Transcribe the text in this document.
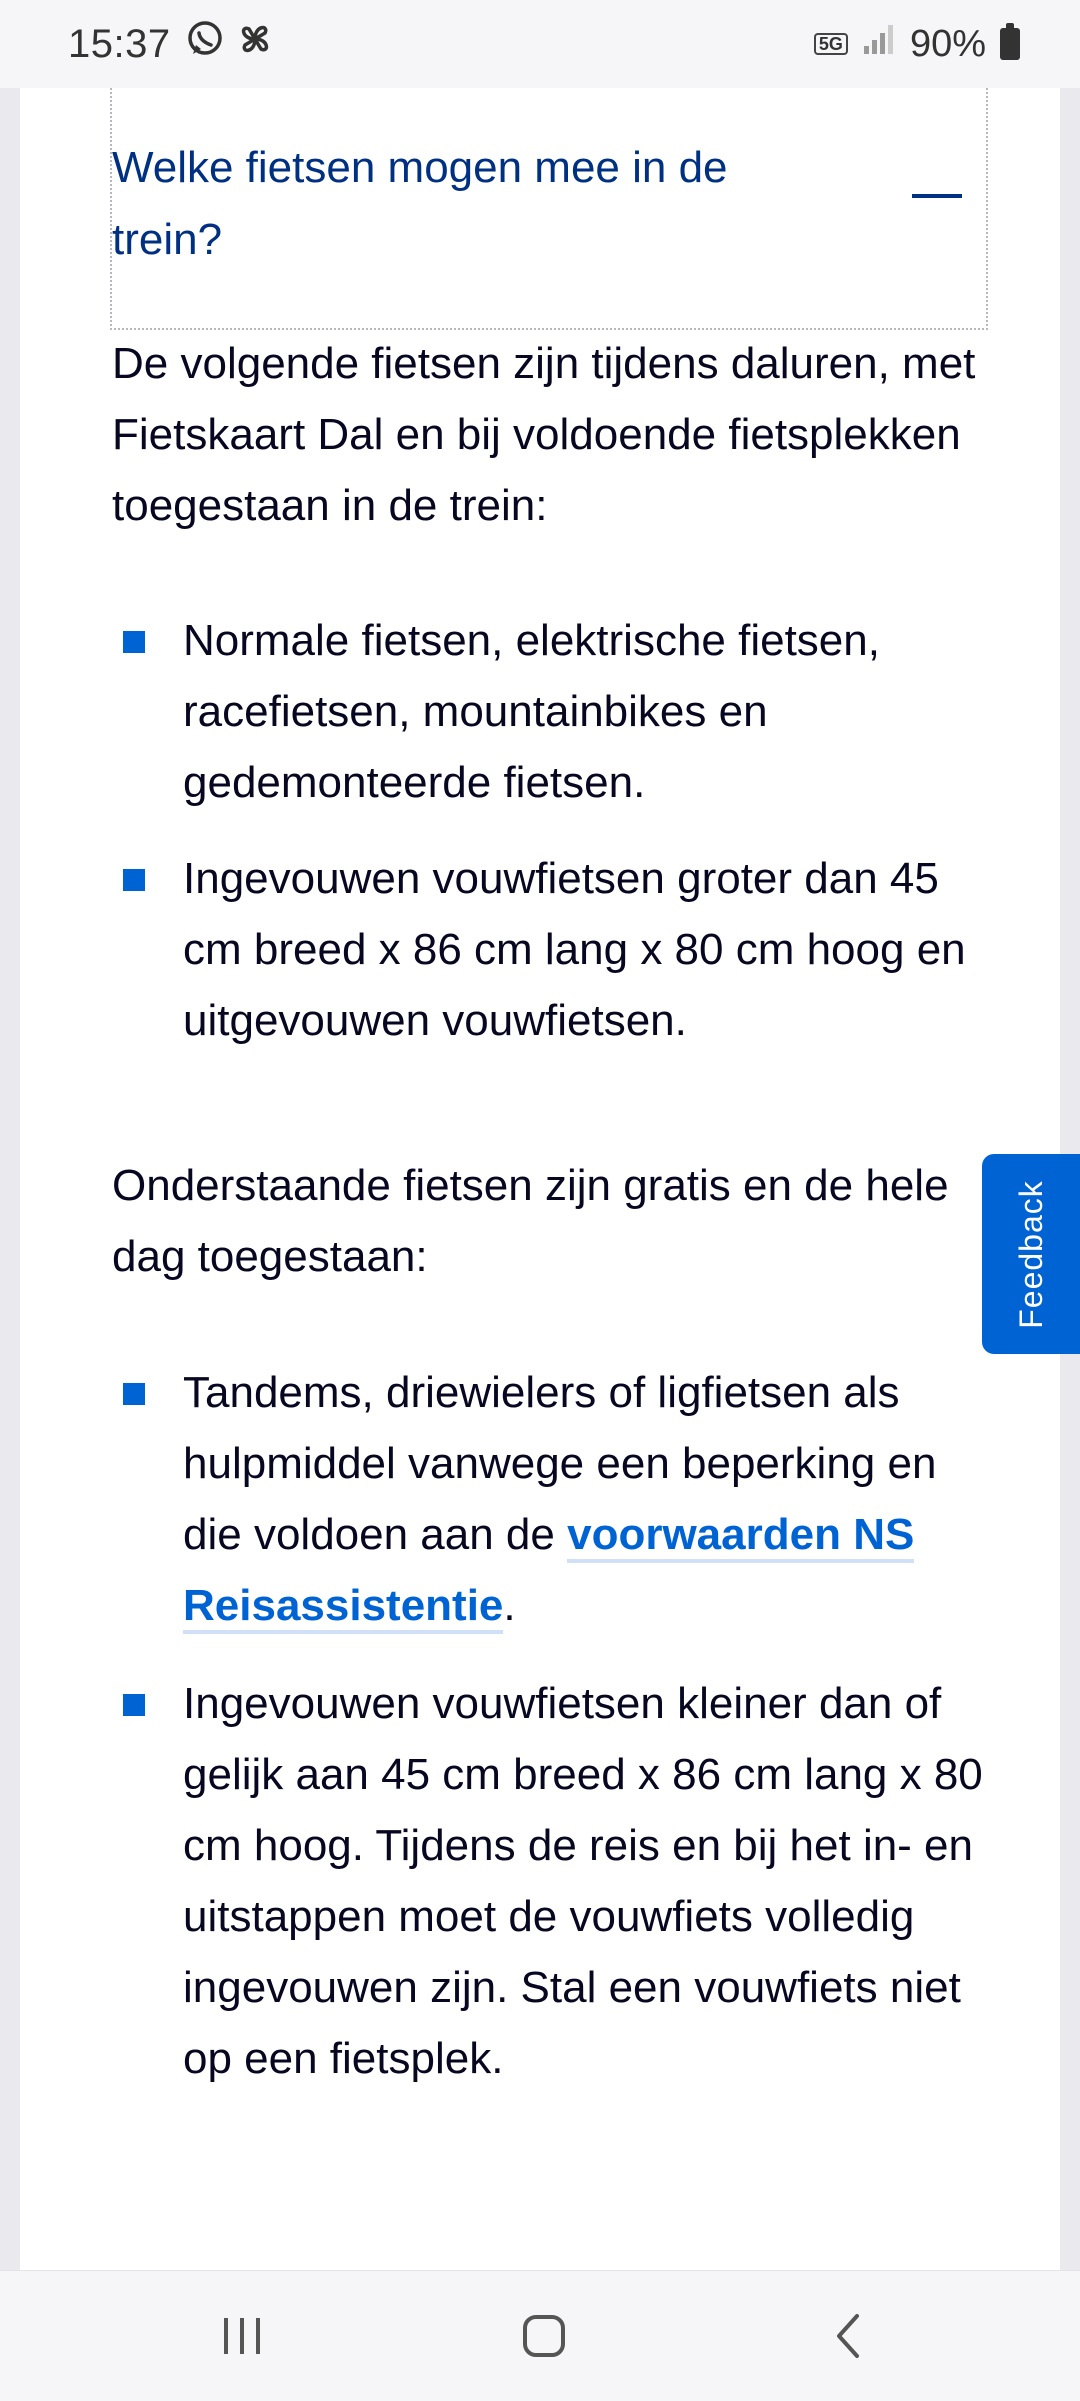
15:37	5G 90%
Welke fietsen mogen mee in de trein?

De volgende fietsen zijn tijdens daluren, met Fietskaart Dal en bij voldoende fietsplekken toegestaan in de trein:

Normale fietsen, elektrische fietsen, racefietsen, mountainbikes en gedemonteerde fietsen.
Ingevouwen vouwfietsen groter dan 45 cm breed x 86 cm lang x 80 cm hoog en uitgevouwen vouwfietsen.

Onderstaande fietsen zijn gratis en de hele dag toegestaan:

Tandems, driewielers of ligfietsen als hulpmiddel vanwege een beperking en die voldoen aan de voorwaarden NS Reisassistentie.
Ingevouwen vouwfietsen kleiner dan of gelijk aan 45 cm breed x 86 cm lang x 80 cm hoog. Tijdens de reis en bij het in- en uitstappen moet de vouwfiets volledig ingevouwen zijn. Stal een vouwfiets niet op een fietsplek.
Feedback
